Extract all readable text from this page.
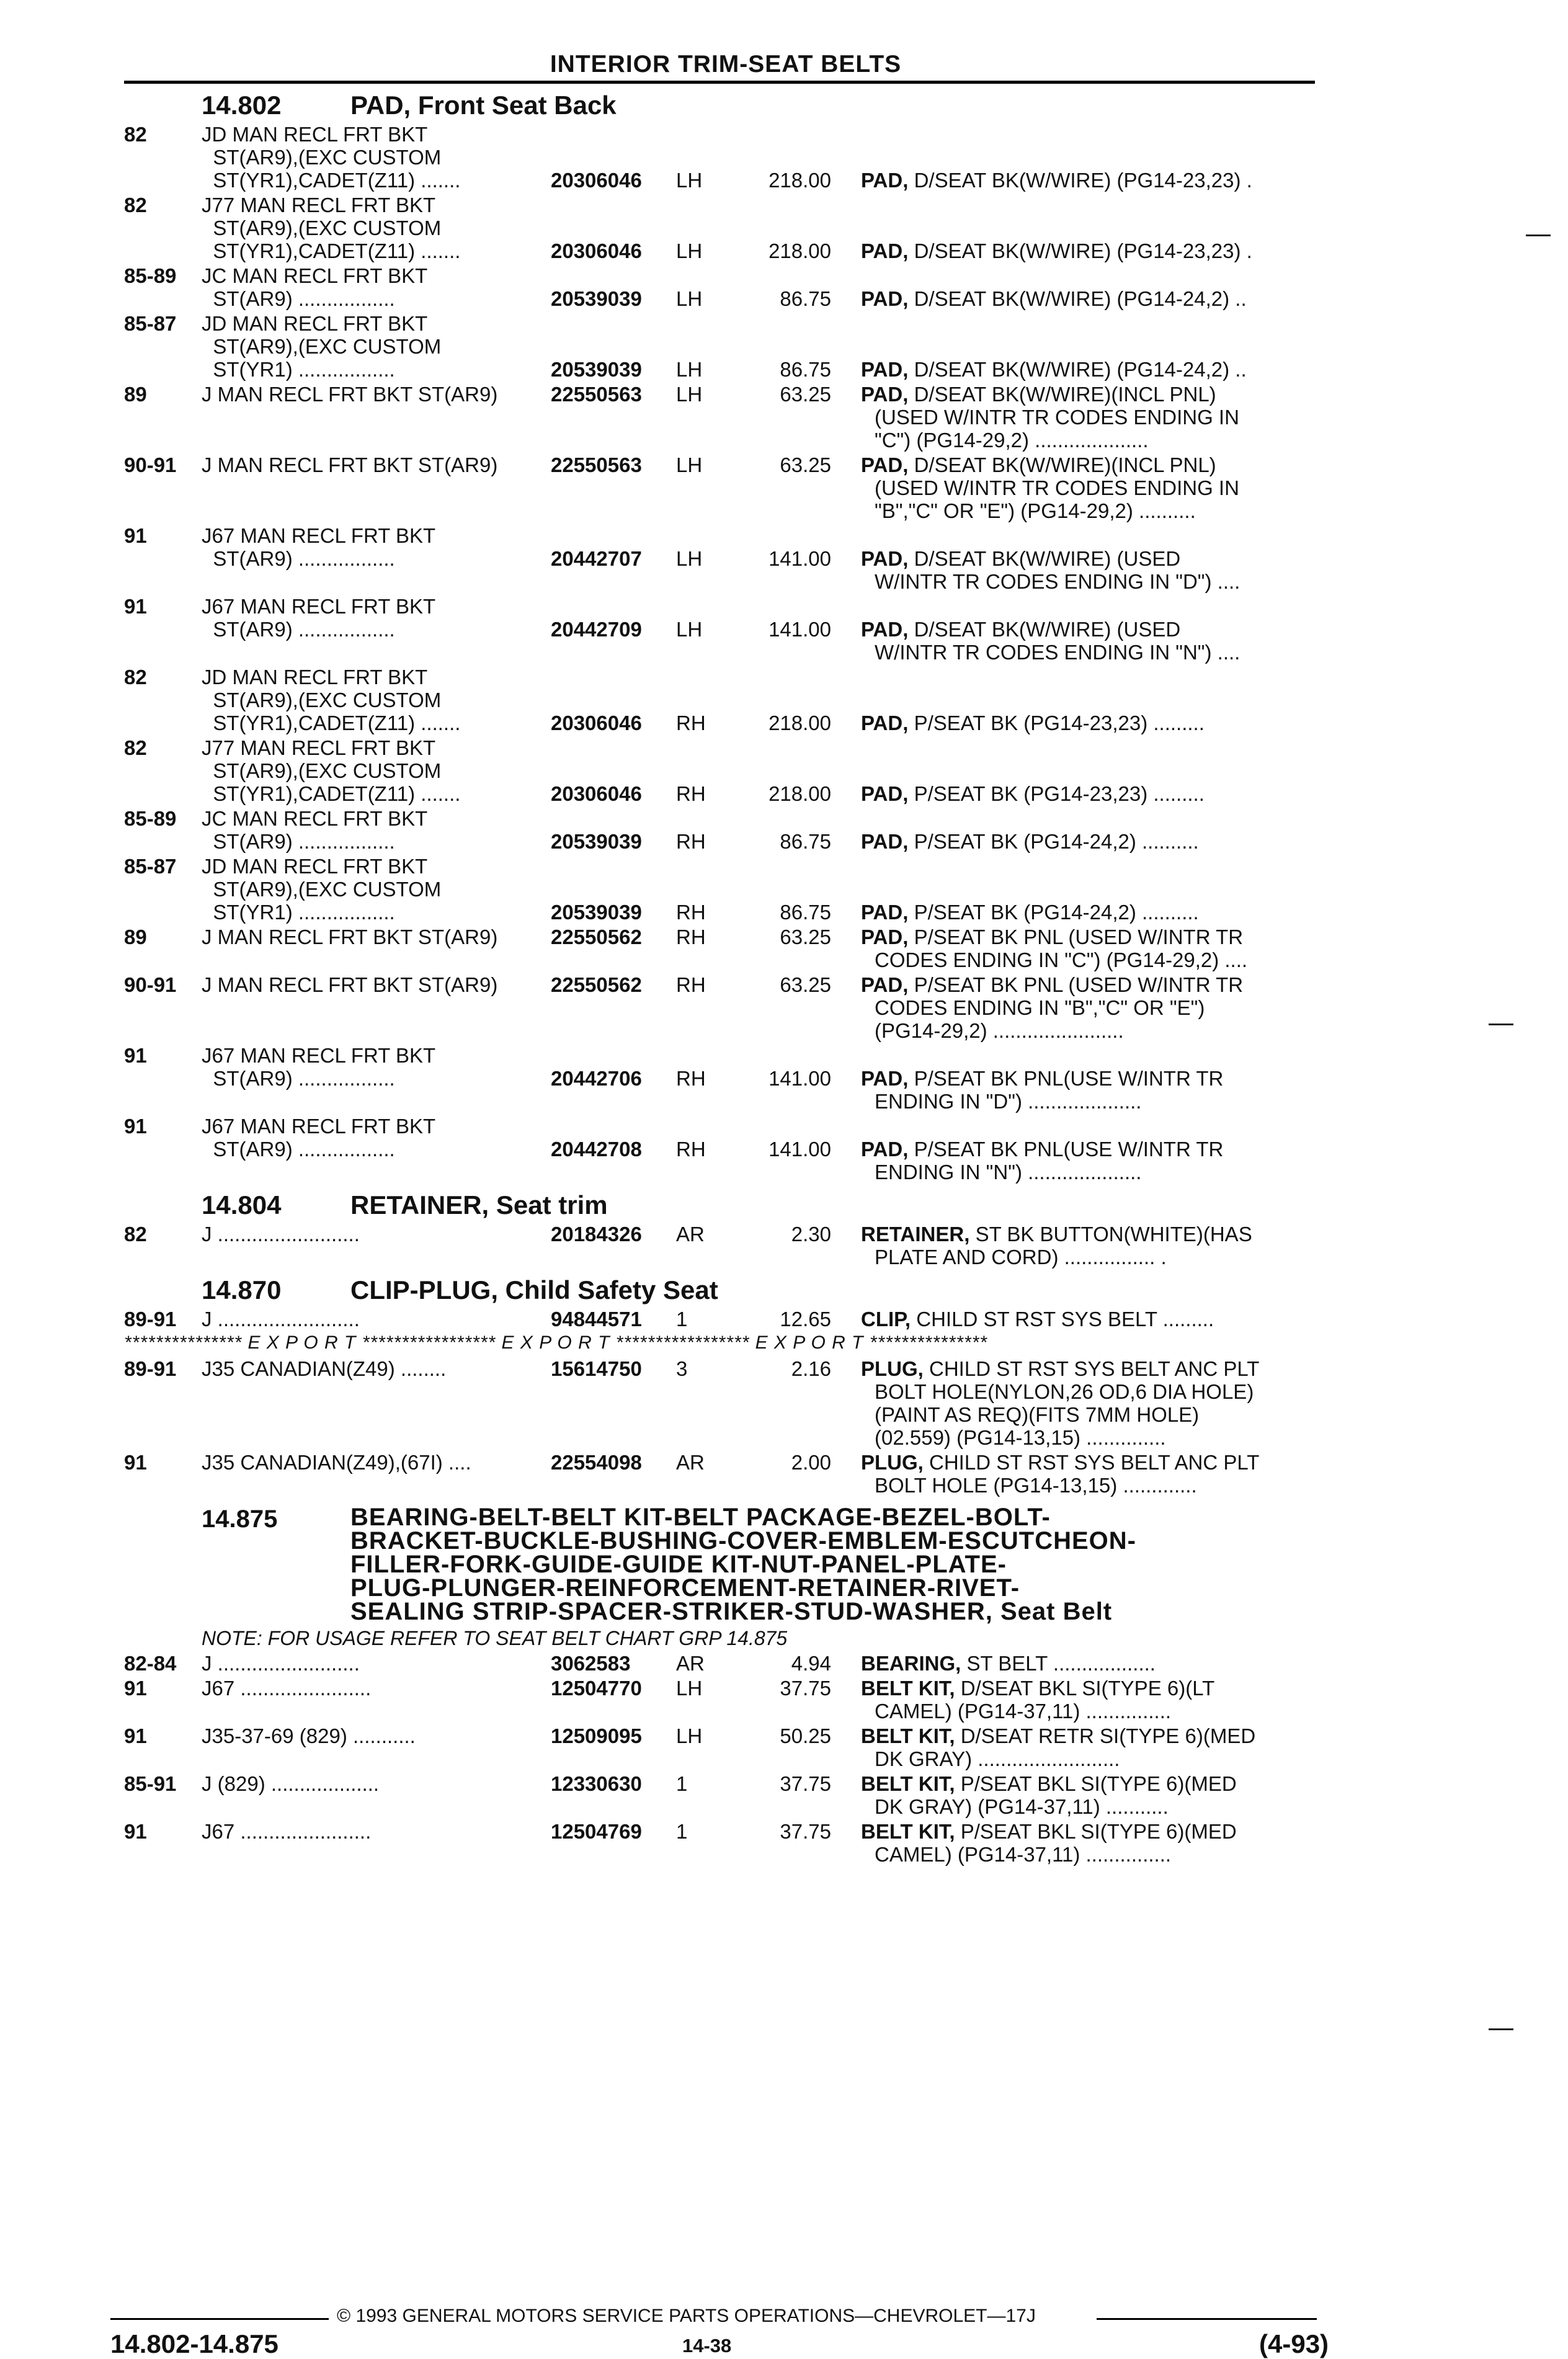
INTERIOR TRIM-SEAT BELTS
14.802	PAD, Front Seat Back
82	JD MAN RECL FRT BKT
ST(AR9),(EXC CUSTOM
ST(YR1),CADET(Z11) .......	20306046 LH	218.00 PAD, D/SEAT BK(W/WIRE) (PG14-23,23) .
82	J77 MAN RECL FRT BKT
ST(AR9),(EXC CUSTOM
ST(YR1),CADET(Z11) .......	20306046 LH	218.00 PAD, D/SEAT BK(W/WIRE) (PG14-23,23) .
85-89 JC MAN RECL FRT BKT
ST(AR9) .................	20539039 LH	86.75 PAD, D/SEAT BK(W/WIRE) (PG14-24,2) ..
85-87 JD MAN RECL FRT BKT
ST(AR9),(EXC CUSTOM
ST(YR1) .................	20539039 LH	86.75 PAD, D/SEAT BK(W/WIRE) (PG14-24,2) ..
89	J MAN RECL FRT BKT ST(AR9)	22550563 LH	63.25 PAD, D/SEAT BK(W/WIRE)(INCL PNL)
(USED W/INTR TR CODES ENDING IN
"C") (PG14-29,2) ....................
90-91 J MAN RECL FRT BKT ST(AR9)	22550563 LH	63.25 PAD, D/SEAT BK(W/WIRE)(INCL PNL)
(USED W/INTR TR CODES ENDING IN
"B","C" OR "E") (PG14-29,2) ..........
91	J67 MAN RECL FRT BKT
ST(AR9) .................	20442707 LH	141.00 PAD, D/SEAT BK(W/WIRE) (USED
W/INTR TR CODES ENDING IN "D") ....
91	J67 MAN RECL FRT BKT
ST(AR9) .................	20442709 LH	141.00 PAD, D/SEAT BK(W/WIRE) (USED
W/INTR TR CODES ENDING IN "N") ....
82	JD MAN RECL FRT BKT
ST(AR9),(EXC CUSTOM
ST(YR1),CADET(Z11) .......	20306046 RH	218.00 PAD, P/SEAT BK (PG14-23,23) .........
82	J77 MAN RECL FRT BKT
ST(AR9),(EXC CUSTOM
ST(YR1),CADET(Z11) .......	20306046 RH	218.00 PAD, P/SEAT BK (PG14-23,23) .........
85-89 JC MAN RECL FRT BKT
ST(AR9) .................	20539039 RH	86.75 PAD, P/SEAT BK (PG14-24,2) ..........
85-87 JD MAN RECL FRT BKT
ST(AR9),(EXC CUSTOM
ST(YR1) .................	20539039 RH	86.75 PAD, P/SEAT BK (PG14-24,2) ..........
89	J MAN RECL FRT BKT ST(AR9)	22550562 RH	63.25 PAD, P/SEAT BK PNL (USED W/INTR TR
CODES ENDING IN "C") (PG14-29,2) ....
90-91 J MAN RECL FRT BKT ST(AR9)	22550562 RH	63.25 PAD, P/SEAT BK PNL (USED W/INTR TR
CODES ENDING IN "B","C" OR "E")
(PG14-29,2) .......................
91	J67 MAN RECL FRT BKT
ST(AR9) .................	20442706 RH	141.00 PAD, P/SEAT BK PNL(USE W/INTR TR
ENDING IN "D") ....................
91	J67 MAN RECL FRT BKT
ST(AR9) .................	20442708 RH	141.00 PAD, P/SEAT BK PNL(USE W/INTR TR
ENDING IN "N") ....................
14.804	RETAINER, Seat trim
82	J .........................	20184326 AR	2.30 RETAINER, ST BK BUTTON(WHITE)(HAS
PLATE AND CORD) ................ .
14.870	CLIP-PLUG, Child Safety Seat
89-91 J .........................	94844571 1	12.65 CLIP, CHILD ST RST SYS BELT .........
*************** E X P O R T ***************** E X P O R T ***************** E X P O R T ***************
89-91 J35 CANADIAN(Z49) ........	15614750 3	2.16 PLUG, CHILD ST RST SYS BELT ANC PLT
BOLT HOLE(NYLON,26 OD,6 DIA HOLE)
(PAINT AS REQ)(FITS 7MM HOLE)
(02.559) (PG14-13,15) ..............
91	J35 CANADIAN(Z49),(67I) ....	22554098 AR	2.00 PLUG, CHILD ST RST SYS BELT ANC PLT
BOLT HOLE (PG14-13,15) .............
14.875	BEARING-BELT-BELT KIT-BELT PACKAGE-BEZEL-BOLT-
BRACKET-BUCKLE-BUSHING-COVER-EMBLEM-ESCUTCHEON-
FILLER-FORK-GUIDE-GUIDE KIT-NUT-PANEL-PLATE-
PLUG-PLUNGER-REINFORCEMENT-RETAINER-RIVET-
SEALING STRIP-SPACER-STRIKER-STUD-WASHER, Seat Belt
NOTE: FOR USAGE REFER TO SEAT BELT CHART GRP 14.875
82-84 J .........................	3062583 AR	4.94 BEARING, ST BELT ..................
91	J67 .......................	12504770 LH	37.75 BELT KIT, D/SEAT BKL SI(TYPE 6)(LT
CAMEL) (PG14-37,11) ...............
91	J35-37-69 (829) ...........	12509095 LH	50.25 BELT KIT, D/SEAT RETR SI(TYPE 6)(MED
DK GRAY) .........................
85-91 J (829) ...................	12330630 1	37.75 BELT KIT, P/SEAT BKL SI(TYPE 6)(MED
DK GRAY) (PG14-37,11) ...........
91	J67 .......................	12504769 1	37.75 BELT KIT, P/SEAT BKL SI(TYPE 6)(MED
CAMEL) (PG14-37,11) ...............
© 1993 GENERAL MOTORS SERVICE PARTS OPERATIONS—CHEVROLET—17J
14.802-14.875	14-38	(4-93)
